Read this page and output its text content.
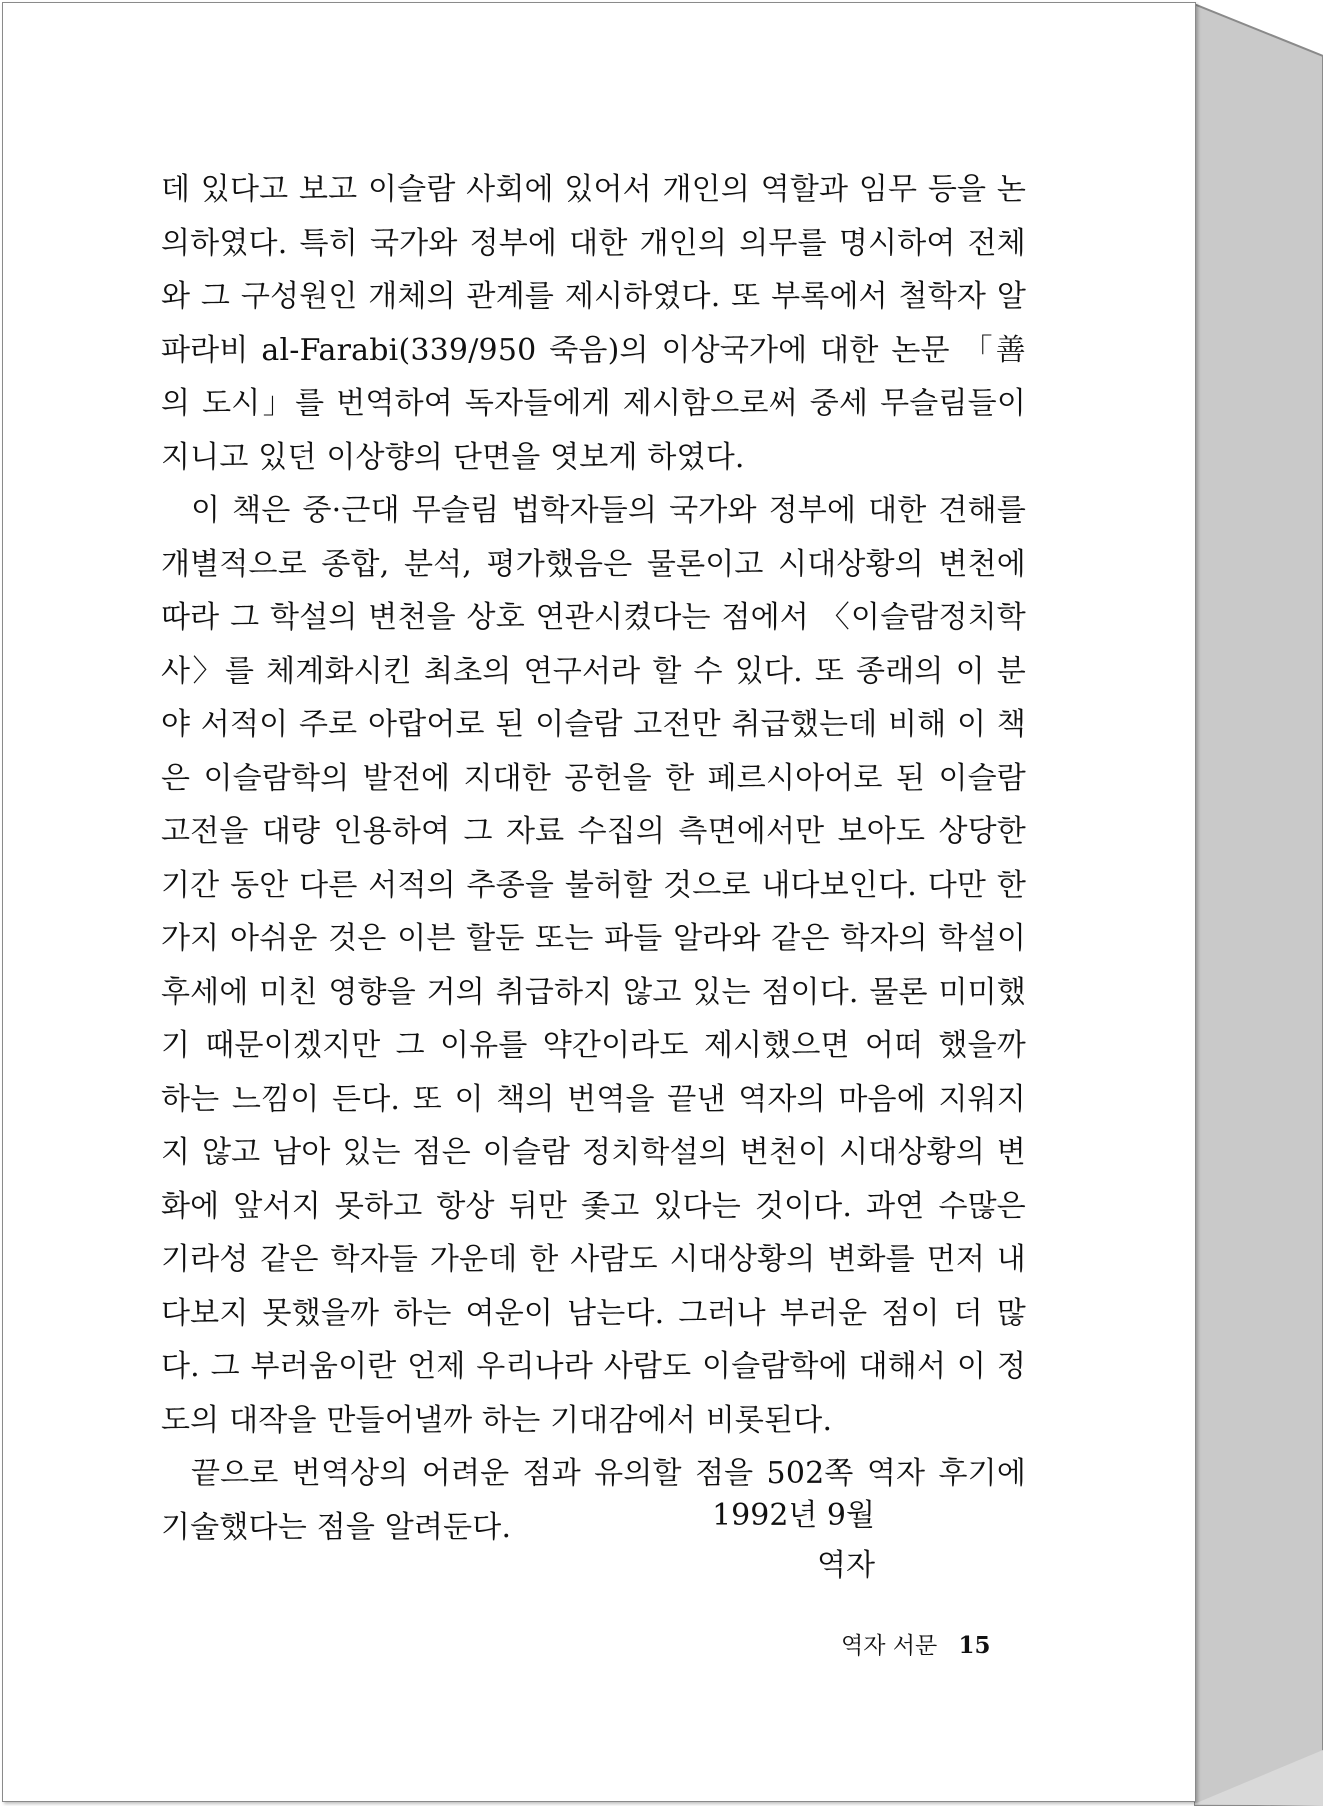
데 있다고 보고 이슬람 사회에 있어서 개인의 역할과 임무 등을 논의하였다. 특히 국가와 정부에 대한 개인의 의무를 명시하여 전체와 그 구성원인 개체의 관계를 제시하였다. 또 부록에서 철학자 알파라비 al-Farabi(339/950 죽음)의 이상국가에 대한 논문 「善의 도시」를 번역하여 독자들에게 제시함으로써 중세 무슬림들이 지니고 있던 이상향의 단면을 엿보게 하였다.

이 책은 중·근대 무슬림 법학자들의 국가와 정부에 대한 견해를 개별적으로 종합, 분석, 평가했음은 물론이고 시대상황의 변천에 따라 그 학설의 변천을 상호 연관시켰다는 점에서 〈이슬람정치학사〉를 체계화시킨 최초의 연구서라 할 수 있다. 또 종래의 이 분야 서적이 주로 아랍어로 된 이슬람 고전만 취급했는데 비해 이 책은 이슬람학의 발전에 지대한 공헌을 한 페르시아어로 된 이슬람고전을 대량 인용하여 그 자료 수집의 측면에서만 보아도 상당한 기간 동안 다른 서적의 추종을 불허할 것으로 내다보인다. 다만 한 가지 아쉬운 것은 이븐 할둔 또는 파들 알라와 같은 학자의 학설이 후세에 미친 영향을 거의 취급하지 않고 있는 점이다. 물론 미미했기 때문이겠지만 그 이유를 약간이라도 제시했으면 어떠 했을까 하는 느낌이 든다. 또 이 책의 번역을 끝낸 역자의 마음에 지워지지 않고 남아 있는 점은 이슬람 정치학설의 변천이 시대상황의 변화에 앞서지 못하고 항상 뒤만 좇고 있다는 것이다. 과연 수많은 기라성 같은 학자들 가운데 한 사람도 시대상황의 변화를 먼저 내다보지 못했을까 하는 여운이 남는다. 그러나 부러운 점이 더 많다. 그 부러움이란 언제 우리나라 사람도 이슬람학에 대해서 이 정도의 대작을 만들어낼까 하는 기대감에서 비롯된다.

끝으로 번역상의 어려운 점과 유의할 점을 502쪽 역자 후기에 기술했다는 점을 알려둔다.	1992년 9월
역자
역자 서문 15
